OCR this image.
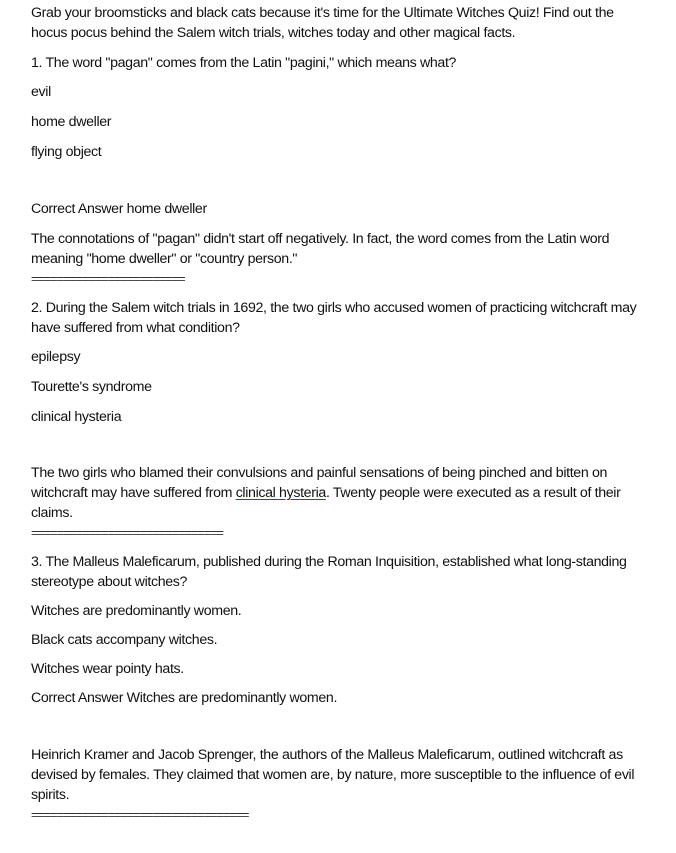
Grab your broomsticks and black cats because it's time for the Ultimate Witches Quiz! Find out the hocus pocus behind the Salem witch trials, witches today and other magical facts.

1. The word "pagan" comes from the Latin "pagini," which means what?

evil

home dweller

flying object

Correct Answer home dweller

The connotations of "pagan" didn't start off negatively. In fact, the word comes from the Latin word meaning "home dweller" or "country person."

========================

2. During the Salem witch trials in 1692, the two girls who accused women of practicing witchcraft may have suffered from what condition?

epilepsy

Tourette's syndrome

clinical hysteria

The two girls who blamed their convulsions and painful sensations of being pinched and bitten on witchcraft may have suffered from clinical hysteria. Twenty people were executed as a result of their claims.

==============================

3. The Malleus Maleficarum, published during the Roman Inquisition, established what long-standing stereotype about witches?

Witches are predominantly women.

Black cats accompany witches.

Witches wear pointy hats.

Correct Answer Witches are predominantly women.

Heinrich Kramer and Jacob Sprenger, the authors of the Malleus Maleficarum, outlined witchcraft as devised by females. They claimed that women are, by nature, more susceptible to the influence of evil spirits.

==================================
